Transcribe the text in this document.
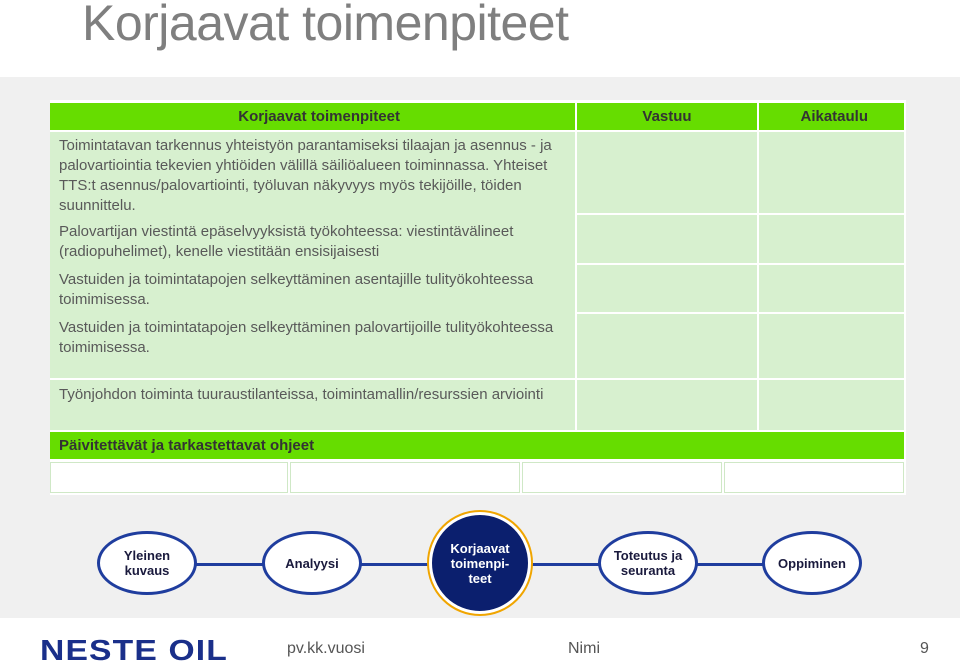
Korjaavat toimenpiteet
Korjaavat toimenpiteet	Vastuu	Aikataulu
Toimintatavan tarkennus yhteistyön parantamiseksi tilaajan ja asennus - ja palovartiointia tekevien yhtiöiden välillä säiliöalueen toiminnassa. Yhteiset TTS:t asennus/palovartiointi, työluvan näkyvyys myös tekijöille, töiden suunnittelu.
Palovartijan viestintä epäselvyyksistä työkohteessa: viestintävälineet (radiopuhelimet), kenelle viestitään ensisijaisesti
Vastuiden ja toimintatapojen selkeyttäminen asentajille tulityökohteessa toimimisessa.
Vastuiden ja toimintatapojen selkeyttäminen palovartijoille tulityökohteessa toimimisessa.
Työnjohdon toiminta tuuraustilanteissa, toimintamallin/resurssien arviointi
Päivitettävät ja tarkastettavat ohjeet
Yleinen kuvaus	Analyysi
Korjaavat toimenpi-teet
Toteutus ja seuranta	Oppiminen
NESTE OIL	pv.kk.vuosi	Nimi	9
